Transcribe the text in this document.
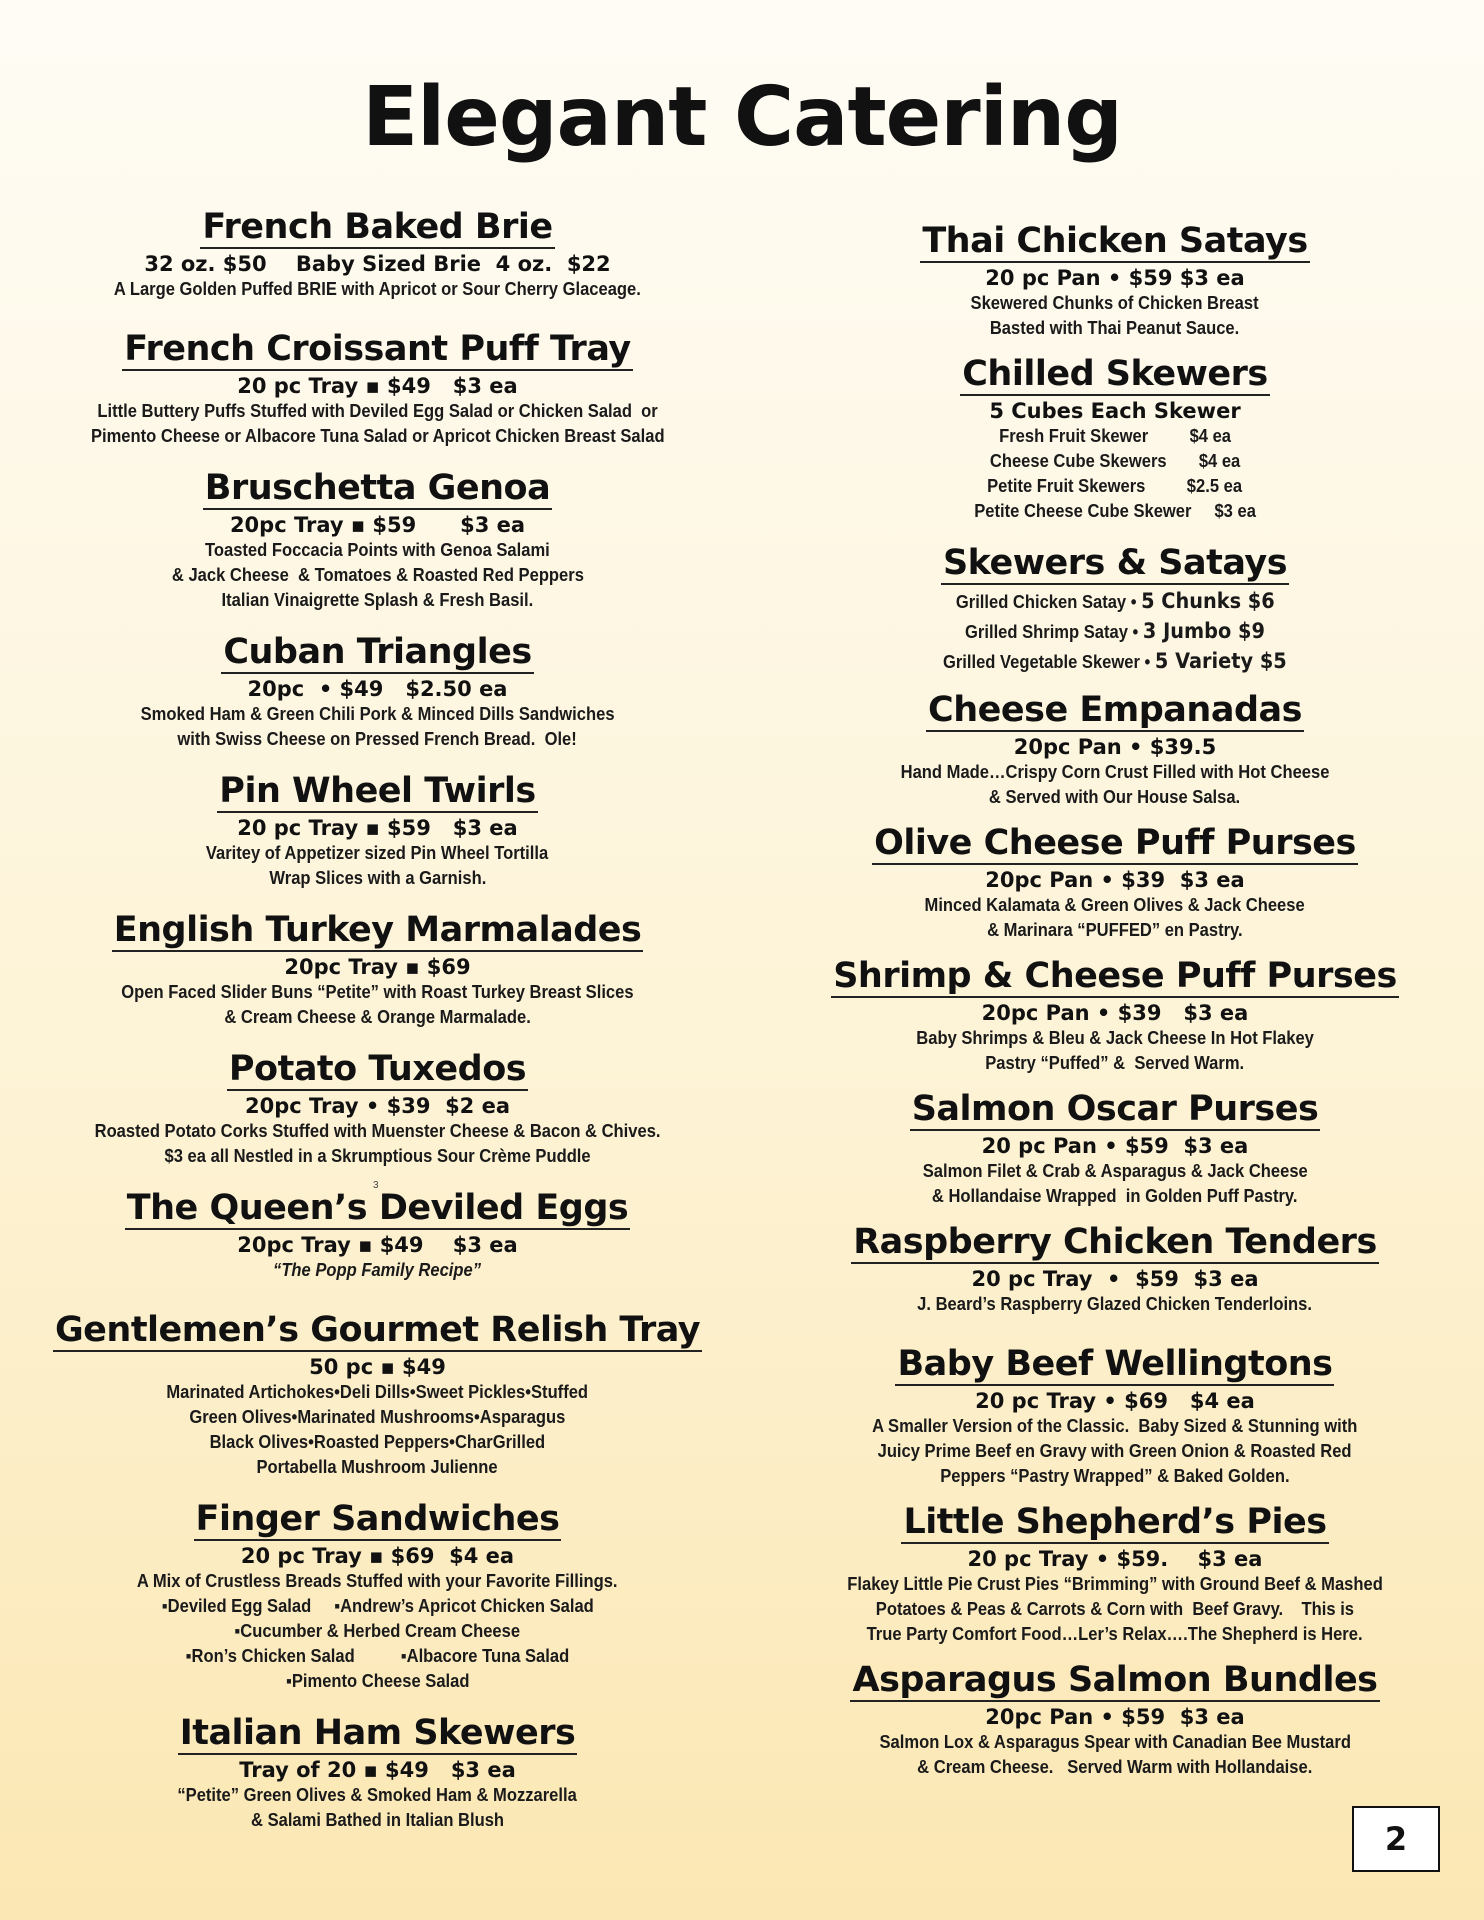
Elegant Catering
French Baked Brie
32 oz. $50    Baby Sized Brie  4 oz.  $22
A Large Golden Puffed BRIE with Apricot or Sour Cherry Glaceage.
French Croissant Puff Tray
20 pc Tray ▪ $49   $3 ea
Little Buttery Puffs Stuffed with Deviled Egg Salad or Chicken Salad  or
Pimento Cheese or Albacore Tuna Salad or Apricot Chicken Breast Salad
Bruschetta Genoa
20pc Tray ▪ $59      $3 ea
Toasted Foccacia Points with Genoa Salami
& Jack Cheese  & Tomatoes & Roasted Red Peppers
Italian Vinaigrette Splash & Fresh Basil.
Cuban Triangles
20pc  • $49   $2.50 ea
Smoked Ham & Green Chili Pork & Minced Dills Sandwiches
with Swiss Cheese on Pressed French Bread.  Ole!
Pin Wheel Twirls
20 pc Tray ▪ $59   $3 ea
Varitey of Appetizer sized Pin Wheel Tortilla
Wrap Slices with a Garnish.
English Turkey Marmalades
20pc Tray ▪ $69
Open Faced Slider Buns “Petite” with Roast Turkey Breast Slices
& Cream Cheese & Orange Marmalade.
Potato Tuxedos
20pc Tray • $39  $2 ea
Roasted Potato Corks Stuffed with Muenster Cheese & Bacon & Chives.
$3 ea all Nestled in a Skrumptious Sour Crème Puddle
The Queen’s Deviled Eggs
20pc Tray ▪ $49    $3 ea
“The Popp Family Recipe”
Gentlemen’s Gourmet Relish Tray
50 pc ▪ $49
Marinated Artichokes•Deli Dills•Sweet Pickles•Stuffed
Green Olives•Marinated Mushrooms•Asparagus
Black Olives•Roasted Peppers•CharGrilled
Portabella Mushroom Julienne
Finger Sandwiches
20 pc Tray ▪ $69  $4 ea
A Mix of Crustless Breads Stuffed with your Favorite Fillings.
▪Deviled Egg Salad     ▪Andrew’s Apricot Chicken Salad
▪Cucumber & Herbed Cream Cheese
▪Ron’s Chicken Salad          ▪Albacore Tuna Salad
▪Pimento Cheese Salad
Italian Ham Skewers
Tray of 20 ▪ $49   $3 ea
“Petite” Green Olives & Smoked Ham & Mozzarella
& Salami Bathed in Italian Blush
Thai Chicken Satays
20 pc Pan • $59 $3 ea
Skewered Chunks of Chicken Breast
Basted with Thai Peanut Sauce.
Chilled Skewers
5 Cubes Each Skewer
Fresh Fruit Skewer         $4 ea
Cheese Cube Skewers       $4 ea
Petite Fruit Skewers         $2.5 ea
Petite Cheese Cube Skewer     $3 ea
Skewers & Satays
Grilled Chicken Satay • 5 Chunks $6
Grilled Shrimp Satay • 3 Jumbo $9
Grilled Vegetable Skewer • 5 Variety $5
Cheese Empanadas
20pc Pan • $39.5
Hand Made…Crispy Corn Crust Filled with Hot Cheese
& Served with Our House Salsa.
Olive Cheese Puff Purses
20pc Pan • $39  $3 ea
Minced Kalamata & Green Olives & Jack Cheese
& Marinara “PUFFED” en Pastry.
Shrimp & Cheese Puff Purses
20pc Pan • $39   $3 ea
Baby Shrimps & Bleu & Jack Cheese In Hot Flakey
Pastry “Puffed” &  Served Warm.
Salmon Oscar Purses
20 pc Pan • $59  $3 ea
Salmon Filet & Crab & Asparagus & Jack Cheese
& Hollandaise Wrapped  in Golden Puff Pastry.
Raspberry Chicken Tenders
20 pc Tray  •  $59  $3 ea
J. Beard’s Raspberry Glazed Chicken Tenderloins.
Baby Beef Wellingtons
20 pc Tray • $69   $4 ea
A Smaller Version of the Classic.  Baby Sized & Stunning with
Juicy Prime Beef en Gravy with Green Onion & Roasted Red
Peppers “Pastry Wrapped” & Baked Golden.
Little Shepherd’s Pies
20 pc Tray • $59.    $3 ea
Flakey Little Pie Crust Pies “Brimming” with Ground Beef & Mashed
Potatoes & Peas & Carrots & Corn with  Beef Gravy.    This is
True Party Comfort Food…Ler’s Relax….The Shepherd is Here.
Asparagus Salmon Bundles
20pc Pan • $59  $3 ea
Salmon Lox & Asparagus Spear with Canadian Bee Mustard
& Cream Cheese.   Served Warm with Hollandaise.
3
2
